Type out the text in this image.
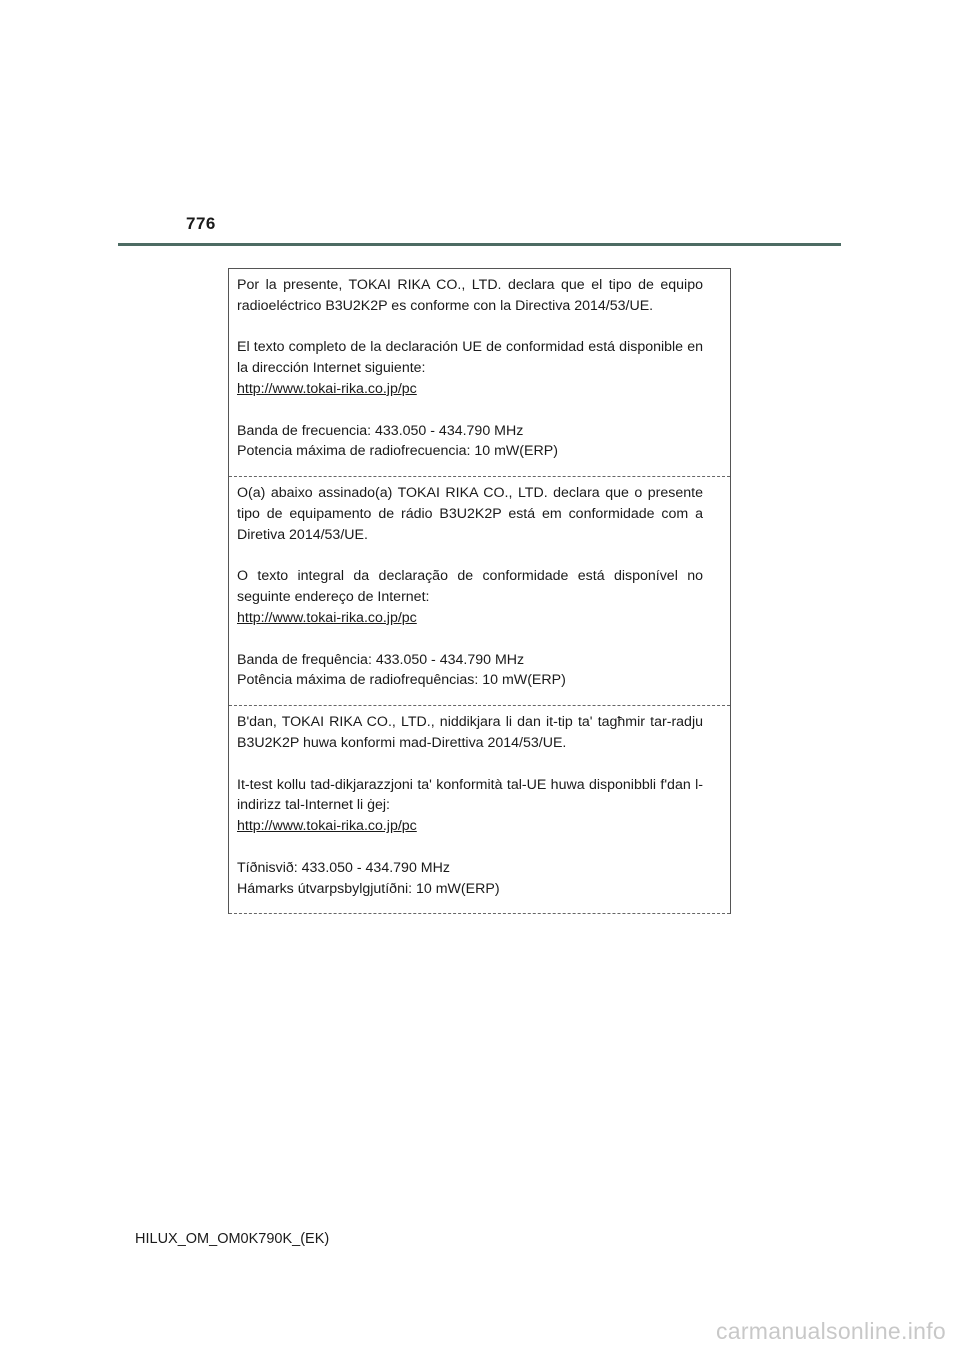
776

Por la presente, TOKAI RIKA CO., LTD. declara que el tipo de equipo radioeléctrico B3U2K2P es conforme con la Directiva 2014/53/UE.

El texto completo de la declaración UE de conformidad está disponible en la dirección Internet siguiente:
http://www.tokai-rika.co.jp/pc

Banda de frecuencia: 433.050 - 434.790 MHz
Potencia máxima de radiofrecuencia: 10 mW(ERP)

O(a) abaixo assinado(a) TOKAI RIKA CO., LTD. declara que o presente tipo de equipamento de rádio B3U2K2P está em conformidade com a Diretiva 2014/53/UE.

O texto integral da declaração de conformidade está disponível no seguinte endereço de Internet:
http://www.tokai-rika.co.jp/pc

Banda de frequência: 433.050 - 434.790 MHz
Potência máxima de radiofrequências: 10 mW(ERP)

B'dan, TOKAI RIKA CO., LTD., niddikjara li dan it-tip ta' tagħmir tar-radju B3U2K2P huwa konformi mad-Direttiva 2014/53/UE.

It-test kollu tad-dikjarazzjoni ta' konformità tal-UE huwa disponibbli f'dan l-indirizz tal-Internet li ġej:
http://www.tokai-rika.co.jp/pc

Tíðnisvið: 433.050 - 434.790 MHz
Hámarks útvarpsbylgjutíðni: 10 mW(ERP)

HILUX_OM_OM0K790K_(EK)
carmanualsonline.info
